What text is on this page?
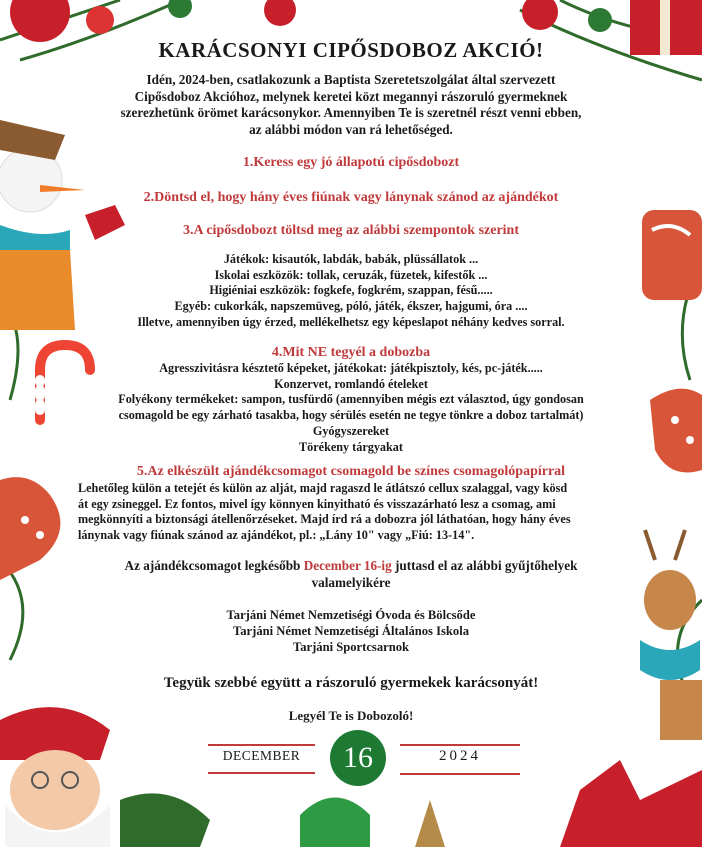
KARÁCSONYI CIPŐSDOBOZ AKCIÓ!
Idén, 2024-ben, csatlakozunk a Baptista Szeretetszolgálat által szervezett
Cipősdoboz Akcióhoz, melynek keretei közt megannyi rászoruló gyermeknek
szerezhetünk örömet karácsonykor. Amennyiben Te is szeretnél részt venni ebben,
az alábbi módon van rá lehetőséged.
1.Keress egy jó állapotú cipősdobozt
2.Döntsd el, hogy hány éves fiúnak vagy lánynak szánod az ajándékot
3.A cipősdobozt töltsd meg az alábbi szempontok szerint
Játékok: kisautók, labdák, babák, plüssállatok ...
Iskolai eszközök: tollak, ceruzák, füzetek, kifestők ...
Higiéniai eszközök: fogkefe, fogkrém, szappan, fésű.....
Egyéb: cukorkák, napszemüveg, póló, játék, ékszer, hajgumi, óra ....
Illetve, amennyiben úgy érzed, mellékelhetsz egy képeslapot néhány kedves sorral.
4.Mit NE tegyél a dobozba
Agresszivitásra késztető képeket, játékokat: játékpisztoly, kés, pc-játék.....
Konzervet, romlandó ételeket
Folyékony termékeket: sampon, tusfürdő (amennyiben mégis ezt választod, úgy gondosan
csomagold be egy zárható tasakba, hogy sérülés esetén ne tegye tönkre a doboz tartalmát)
Gyógyszereket
Törékeny tárgyakat
5.Az elkészült ajándékcsomagot csomagold be színes csomagolópapírral
Lehetőleg külön a tetejét és külön az alját, majd ragaszd le átlátszó cellux szalaggal, vagy kösd
át egy zsineggel. Ez fontos, mivel így könnyen kinyitható és visszazárható lesz a csomag, ami
megkönnyíti a biztonsági átellenőrzéseket. Majd írd rá a dobozra jól láthatóan, hogy hány éves
lánynak vagy fiúnak szánod az ajándékot, pl.: „Lány 10" vagy „Fiú: 13-14".
Az ajándékcsomagot legkésőbb December 16-ig juttasd el az alábbi gyűjtőhelyek
valamelyikére
Tarjáni Német Nemzetiségi Óvoda és Bölcsőde
Tarjáni Német Nemzetiségi Általános Iskola
Tarjáni Sportcsarnok
Tegyük szebbé együtt a rászoruló gyermekek karácsonyát!
Legyél Te is Dobozoló!
DECEMBER	16	2024
